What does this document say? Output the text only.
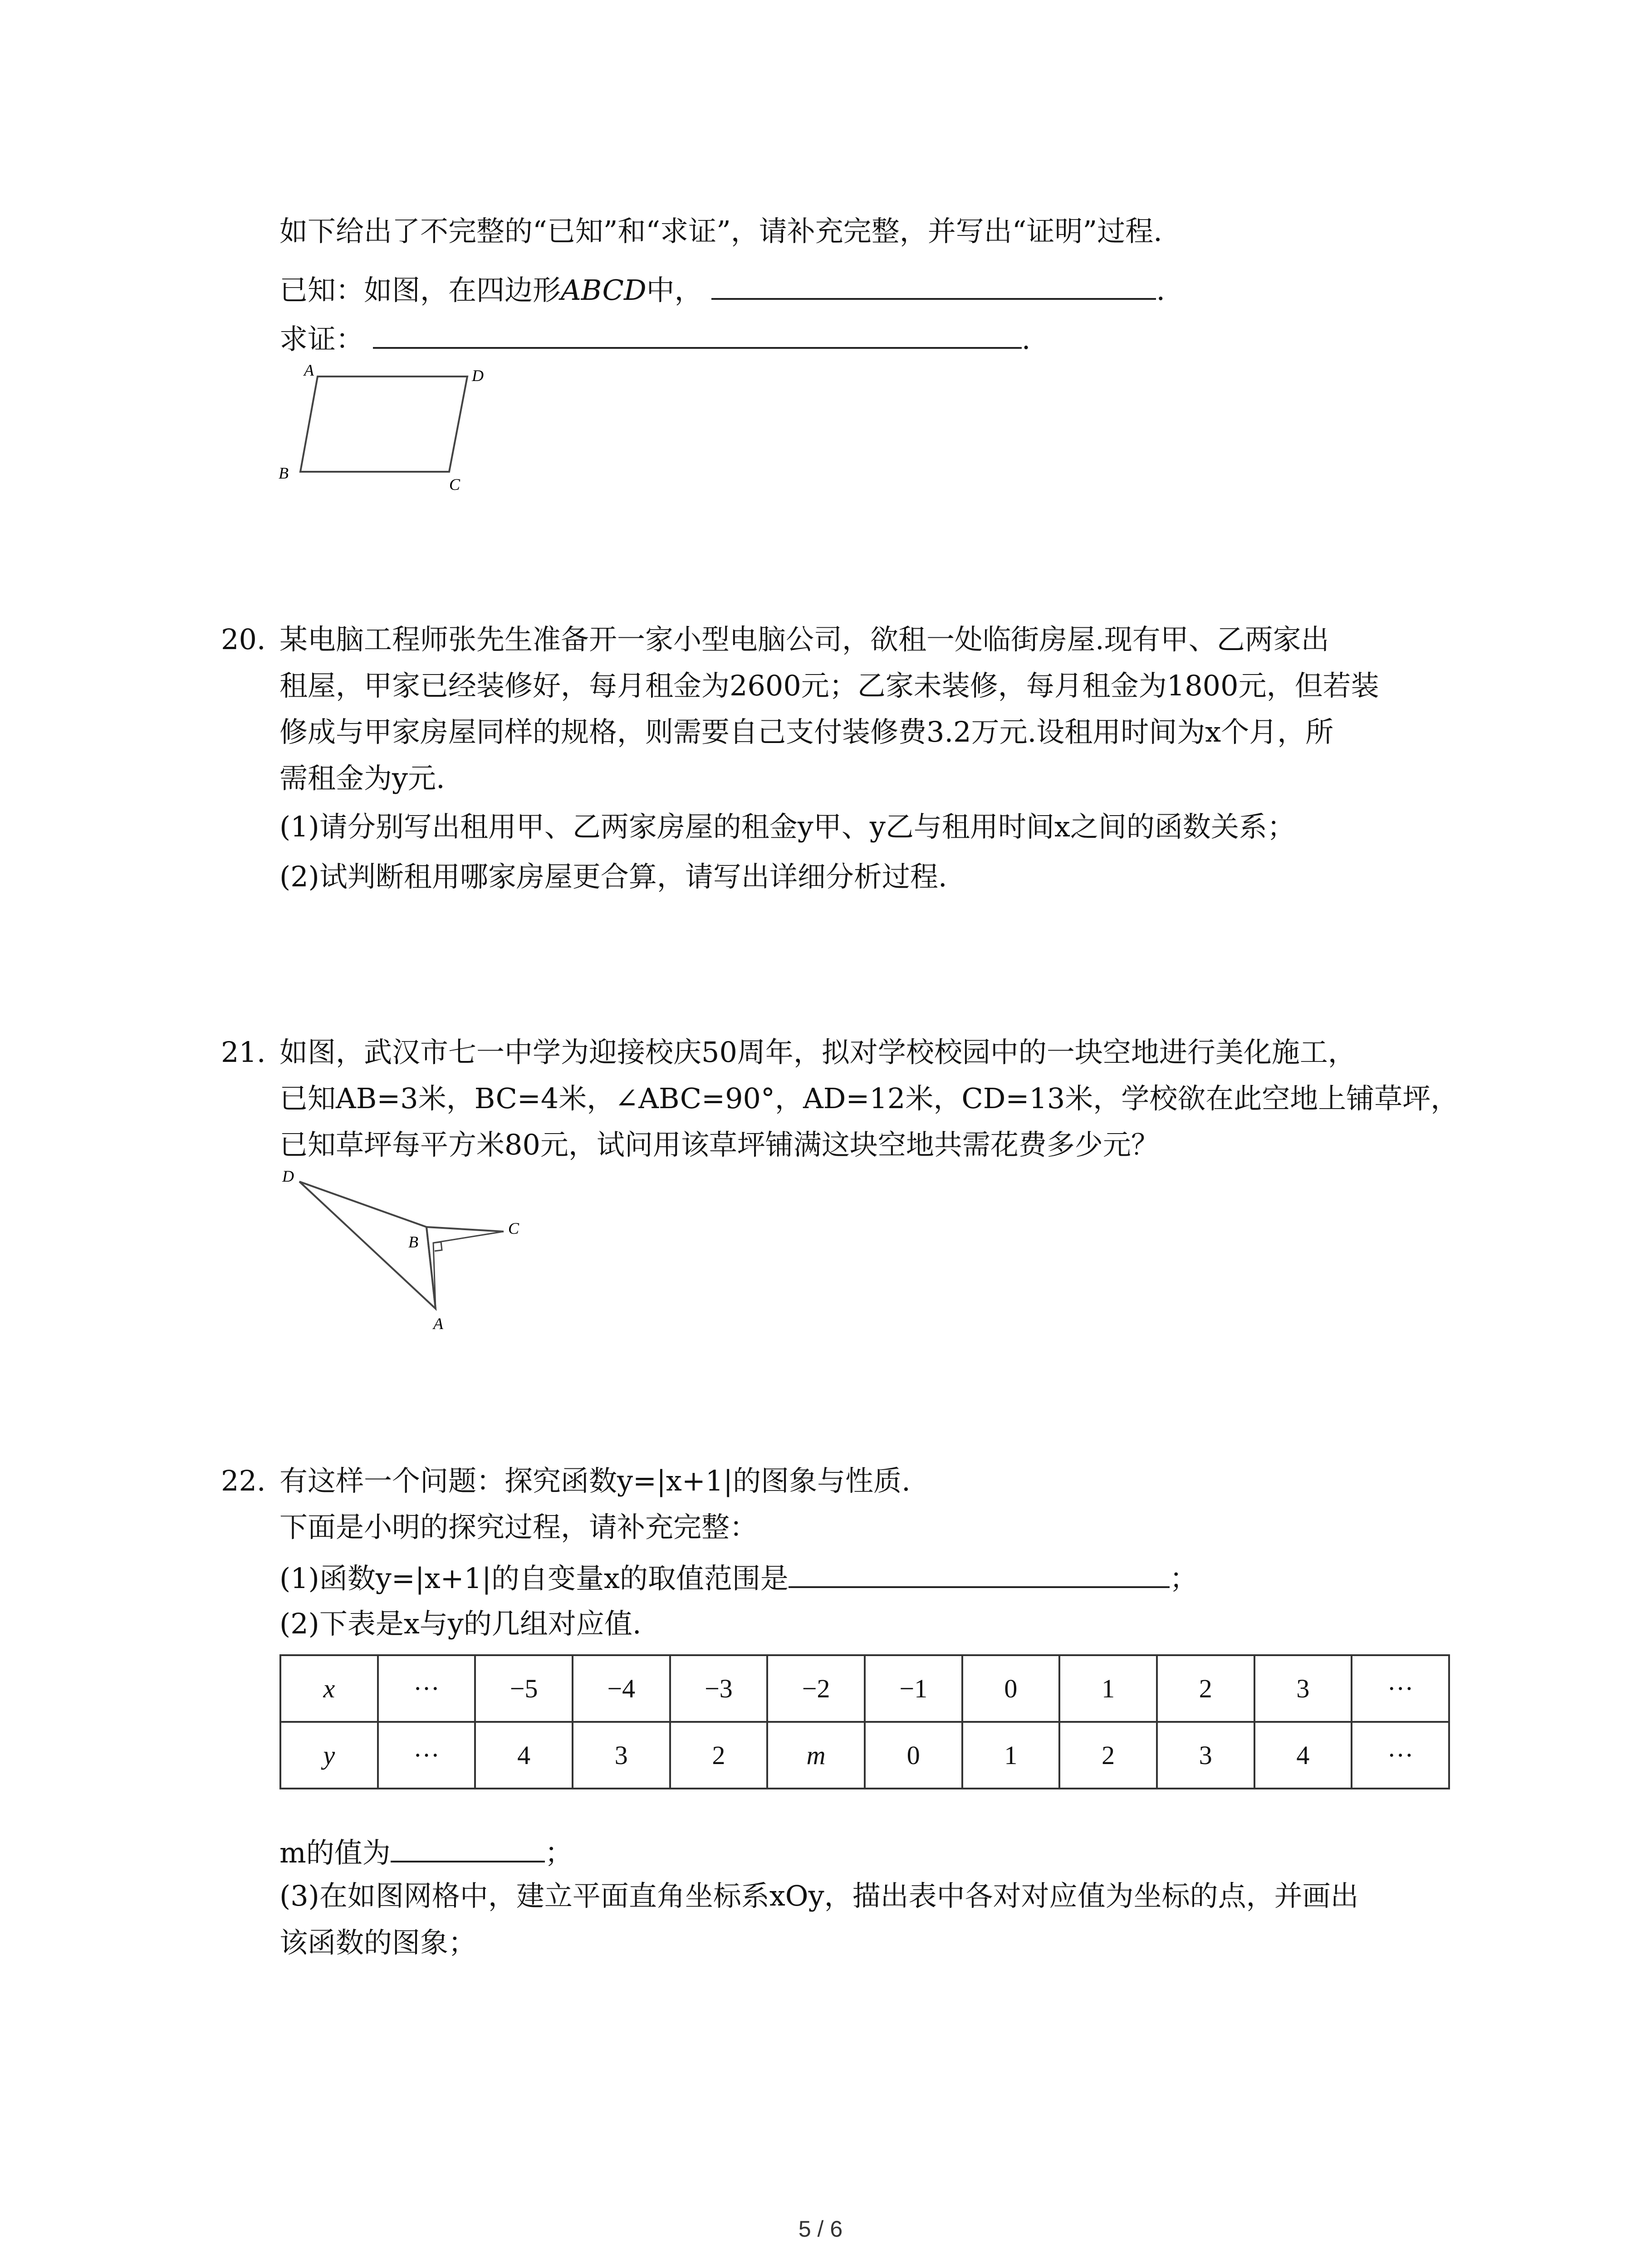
如下给出了不完整的“已知”和“求证”，请补充完整，并写出“证明”过程.
已知：如图，在四边形ABCD中，	.
求证：	.
A	D
B
C
20. 某电脑工程师张先生准备开一家小型电脑公司，欲租一处临街房屋.现有甲、乙两家出
租屋，甲家已经装修好，每月租金为2600元；乙家未装修，每月租金为1800元，但若装
修成与甲家房屋同样的规格，则需要自己支付装修费3.2万元.设租用时间为x个月，所
需租金为y元.
(1)请分别写出租用甲、乙两家房屋的租金y甲、y乙与租用时间x之间的函数关系；
(2)试判断租用哪家房屋更合算，请写出详细分析过程.
21. 如图，武汉市七一中学为迎接校庆50周年，拟对学校校园中的一块空地进行美化施工，
已知AB=3米，BC=4米，∠ABC=90°，AD=12米，CD=13米，学校欲在此空地上铺草坪，
已知草坪每平方米80元，试问用该草坪铺满这块空地共需花费多少元？
D
B
C
A
22. 有这样一个问题：探究函数y=|x+1|的图象与性质.
下面是小明的探究过程，请补充完整：
(1)函数y=|x+1|的自变量x的取值范围是	；
(2)下表是x与y的几组对应值.
x	···	−5	−4	−3	−2	−1	0	1	2	3	···
y	···	4	3	2	m	0	1	2	3	4	···
m的值为	；
(3)在如图网格中，建立平面直角坐标系xOy，描出表中各对对应值为坐标的点，并画出
该函数的图象；
5 / 6
